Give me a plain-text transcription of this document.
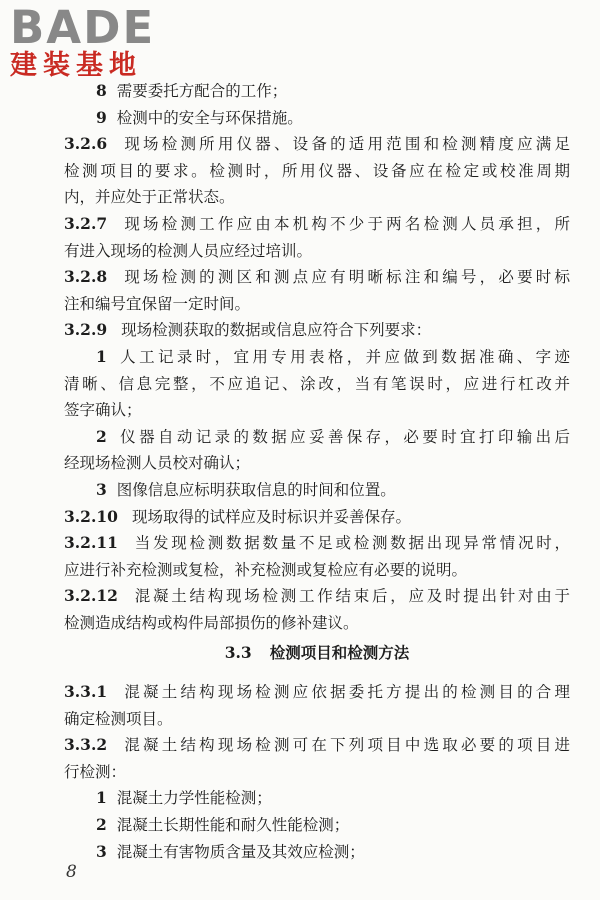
BADE
建装基地
8 需要委托方配合的工作；
9 检测中的安全与环保措施。
3.2.6 现场检测所用仪器、设备的适用范围和检测精度应满足
检测项目的要求。检测时，所用仪器、设备应在检定或校准周期
内，并应处于正常状态。
3.2.7 现场检测工作应由本机构不少于两名检测人员承担，所
有进入现场的检测人员应经过培训。
3.2.8 现场检测的测区和测点应有明晰标注和编号，必要时标
注和编号宜保留一定时间。
3.2.9 现场检测获取的数据或信息应符合下列要求：
1 人工记录时，宜用专用表格，并应做到数据准确、字迹
清晰、信息完整，不应追记、涂改，当有笔误时，应进行杠改并
签字确认；
2 仪器自动记录的数据应妥善保存，必要时宜打印输出后
经现场检测人员校对确认；
3 图像信息应标明获取信息的时间和位置。
3.2.10 现场取得的试样应及时标识并妥善保存。
3.2.11 当发现检测数据数量不足或检测数据出现异常情况时，
应进行补充检测或复检，补充检测或复检应有必要的说明。
3.2.12 混凝土结构现场检测工作结束后，应及时提出针对由于
检测造成结构或构件局部损伤的修补建议。
3.3 检测项目和检测方法
3.3.1 混凝土结构现场检测应依据委托方提出的检测目的合理
确定检测项目。
3.3.2 混凝土结构现场检测可在下列项目中选取必要的项目进
行检测：
1 混凝土力学性能检测；
2 混凝土长期性能和耐久性能检测；
3 混凝土有害物质含量及其效应检测；
8
